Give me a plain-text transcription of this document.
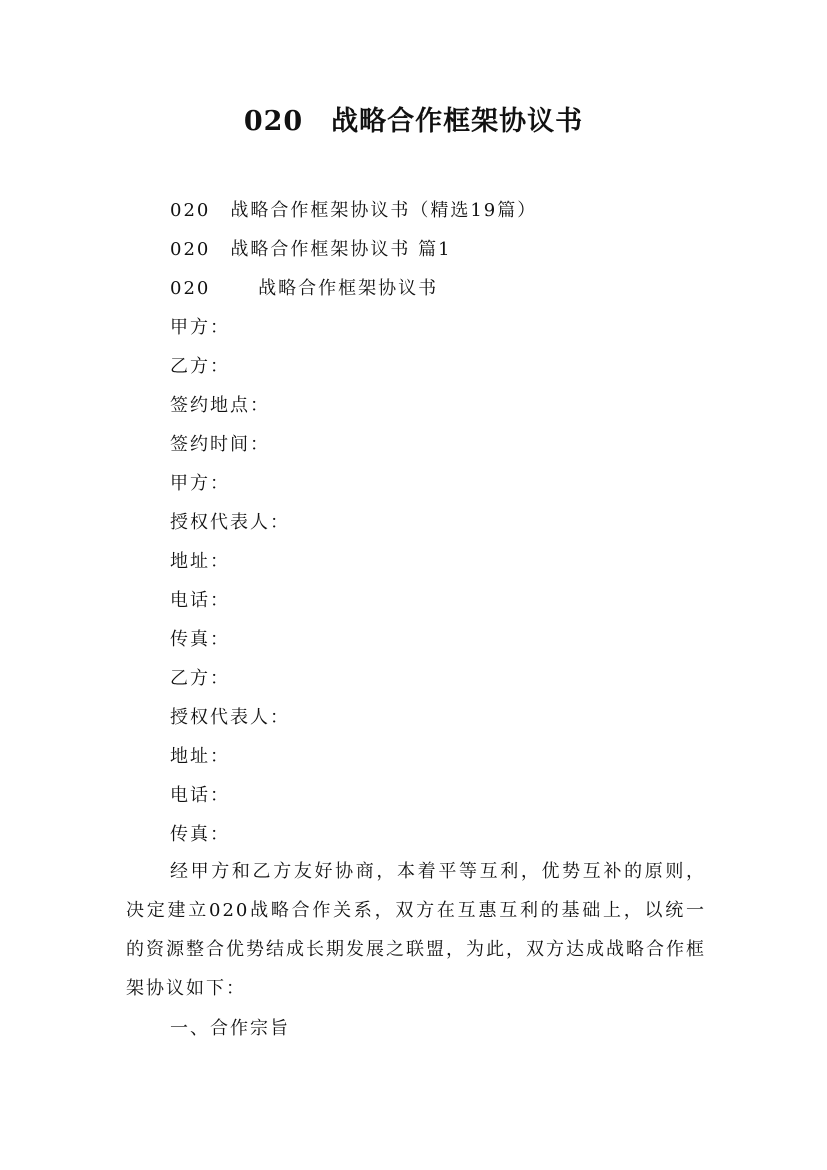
020　战略合作框架协议书

020　战略合作框架协议书（精选19篇）

020　战略合作框架协议书 篇1

020　　 战略合作框架协议书

甲方：

乙方：

签约地点：

签约时间：

甲方：

授权代表人：

地址：

电话：

传真：

乙方：

授权代表人：

地址：

电话：

传真：

经甲方和乙方友好协商，本着平等互利，优势互补的原则，决定建立020战略合作关系，双方在互惠互利的基础上，以统一的资源整合优势结成长期发展之联盟，为此，双方达成战略合作框架协议如下：

一、合作宗旨
